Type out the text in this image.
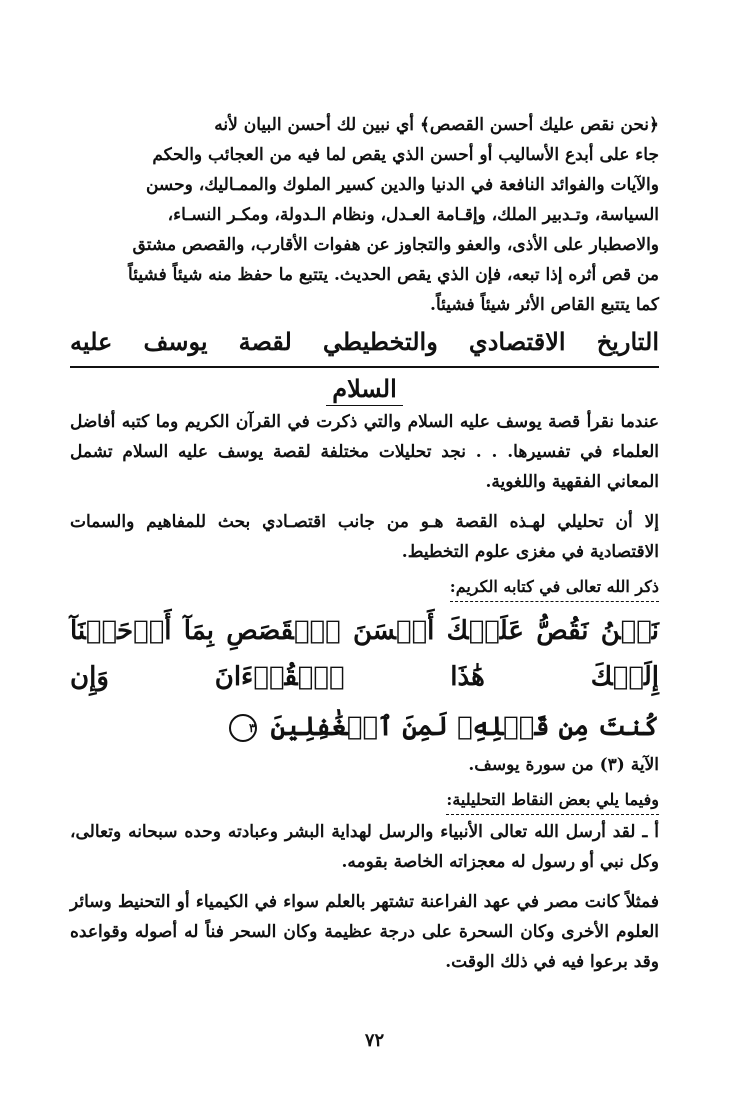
﴿نحن نقص عليك أحسن القصص﴾ أي نبين لك أحسن البيان لأنه

جاء على أبدع الأساليب أو أحسن الذي يقص لما فيه من العجائب والحكم

والآيات والفوائد النافعة في الدنيا والدين كسير الملوك والممـاليك، وحسن

السياسة، وتـدبير الملك، وإقـامة العـدل، ونظام الـدولة، ومكـر النسـاء،

والاصطبار على الأذى، والعفو والتجاوز عن هفوات الأقارب، والقصص مشتق

من قص أثره إذا تبعه، فإن الذي يقص الحديث. يتتبع ما حفظ منه شيئاً فشيئاً

كما يتتبع القاص الأثر شيئاً فشيئاً.

التاريخ الاقتصادي والتخطيطي لقصة يوسف عليه
السلام

عندما نقرأ قصة يوسف عليه السلام والتي ذكرت في القرآن الكريم وما كتبه أفاضل العلماء في تفسيرها. . . نجد تحليلات مختلفة لقصة يوسف عليه السلام تشمل المعاني الفقهية واللغوية.

إلا أن تحليلي لهـذه القصة هـو من جانب اقتصـادي بحث للمفاهيم والسمات الاقتصادية في مغزى علوم التخطيط.

ذكر الله تعالى في كتابه الكريم:

نَحۡنُ نَقُصُّ عَلَيۡكَ أَحۡسَنَ ٱلۡقَصَصِ بِمَآ أَوۡحَيۡنَآ إِلَيۡكَ هَٰذَا ٱلۡقُرۡءَانَ وَإِن

كُنتَ مِن قَبۡلِهِۦ لَمِنَ ٱلۡغَٰفِلِينَ ٣

الآية (٣) من سورة يوسف.

وفيما يلي بعض النقاط التحليلية:

أ ـ لقد أرسل الله تعالى الأنبياء والرسل لهداية البشر وعبادته وحده سبحانه وتعالى، وكل نبي أو رسول له معجزاته الخاصة بقومه.

فمثلاً كانت مصر في عهد الفراعنة تشتهر بالعلم سواء في الكيمياء أو التحنيط وسائر العلوم الأخرى وكان السحرة على درجة عظيمة وكان السحر فناً له أصوله وقواعده وقد برعوا فيه في ذلك الوقت.

٧٢
